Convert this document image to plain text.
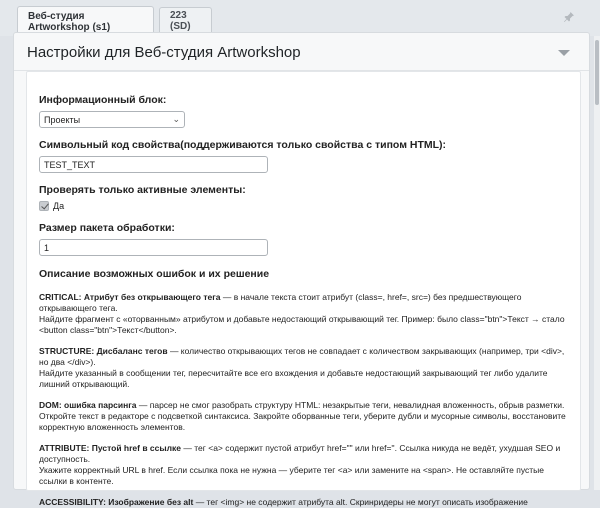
Веб-студия Artworkshop (s1)
223 (SD)
Настройки для Веб-студия Artworkshop
Информационный блок:
Проекты	⌄
Символьный код свойства(поддерживаются только свойства с типом HTML):
TEST_TEXT
Проверять только активные элементы:
Да
Размер пакета обработки:
1
Описание возможных ошибок и их решение
CRITICAL: Атрибут без открывающего тега — в начале текста стоит атрибут (class=, href=, src=) без предшествующего открывающего тега.
Найдите фрагмент с «оторванным» атрибутом и добавьте недостающий открывающий тег. Пример: было class="btn">Текст → стало <button class="btn">Текст</button>.
STRUCTURE: Дисбаланс тегов — количество открывающих тегов не совпадает с количеством закрывающих (например, три <div>, но два </div>).
Найдите указанный в сообщении тег, пересчитайте все его вхождения и добавьте недостающий закрывающий тег либо удалите лишний открывающий.
DOM: ошибка парсинга — парсер не смог разобрать структуру HTML: незакрытые теги, невалидная вложенность, обрыв разметки.
Откройте текст в редакторе с подсветкой синтаксиса. Закройте оборванные теги, уберите дубли и мусорные символы, восстановите корректную вложенность элементов.
ATTRIBUTE: Пустой href в ссылке — тег <a> содержит пустой атрибут href="" или href=''. Ссылка никуда не ведёт, ухудшая SEO и доступность.
Укажите корректный URL в href. Если ссылка пока не нужна — уберите тег <a> или замените на <span>. Не оставляйте пустые ссылки в контенте.
ACCESSIBILITY: Изображение без alt — тег <img> не содержит атрибута alt. Скринридеры не могут описать изображение
